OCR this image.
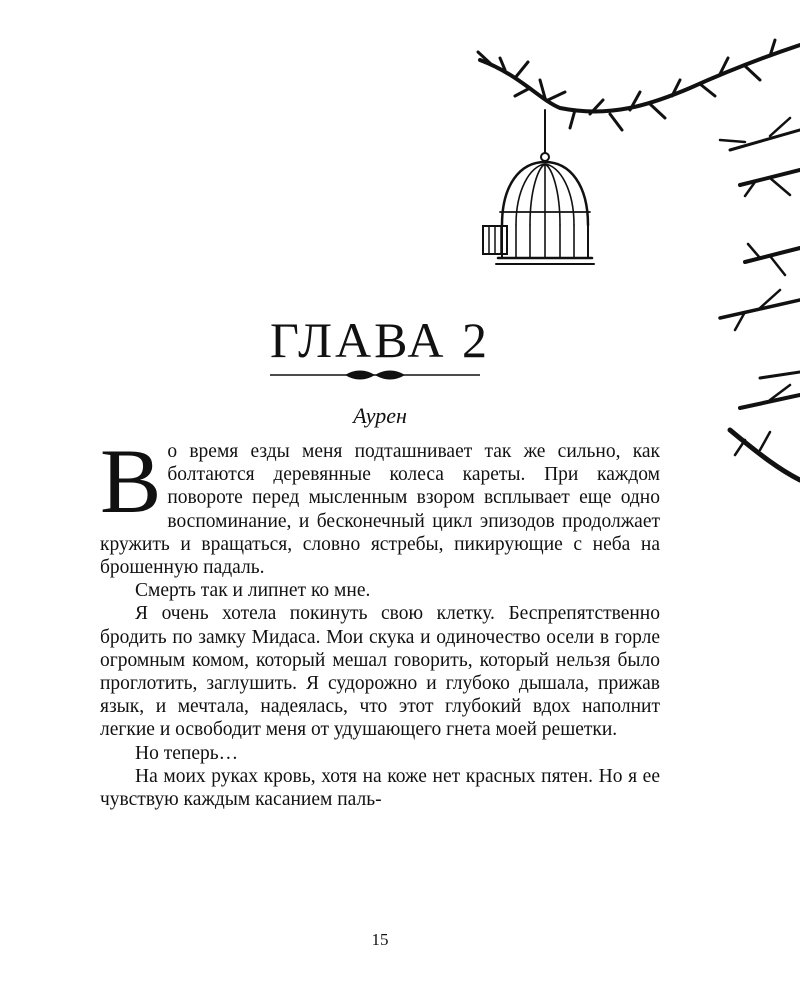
ГЛАВА 2
Аурен

Во время езды меня подташнивает так же сильно, как болтаются деревянные колеса кареты. При каждом повороте перед мысленным взором всплывает еще одно воспоминание, и бесконечный цикл эпизодов продолжает кружить и вращаться, словно ястребы, пикирующие с неба на брошенную падаль.

Смерть так и липнет ко мне.

Я очень хотела покинуть свою клетку. Беспрепятственно бродить по замку Мидаса. Мои скука и одиночество осели в горле огромным комом, который мешал говорить, который нельзя было проглотить, заглушить. Я судорожно и глубоко дышала, прижав язык, и мечтала, надеялась, что этот глубокий вдох наполнит легкие и освободит меня от удушающего гнета моей решетки.

Но теперь…

На моих руках кровь, хотя на коже нет красных пятен. Но я ее чувствую каждым касанием паль-

15
